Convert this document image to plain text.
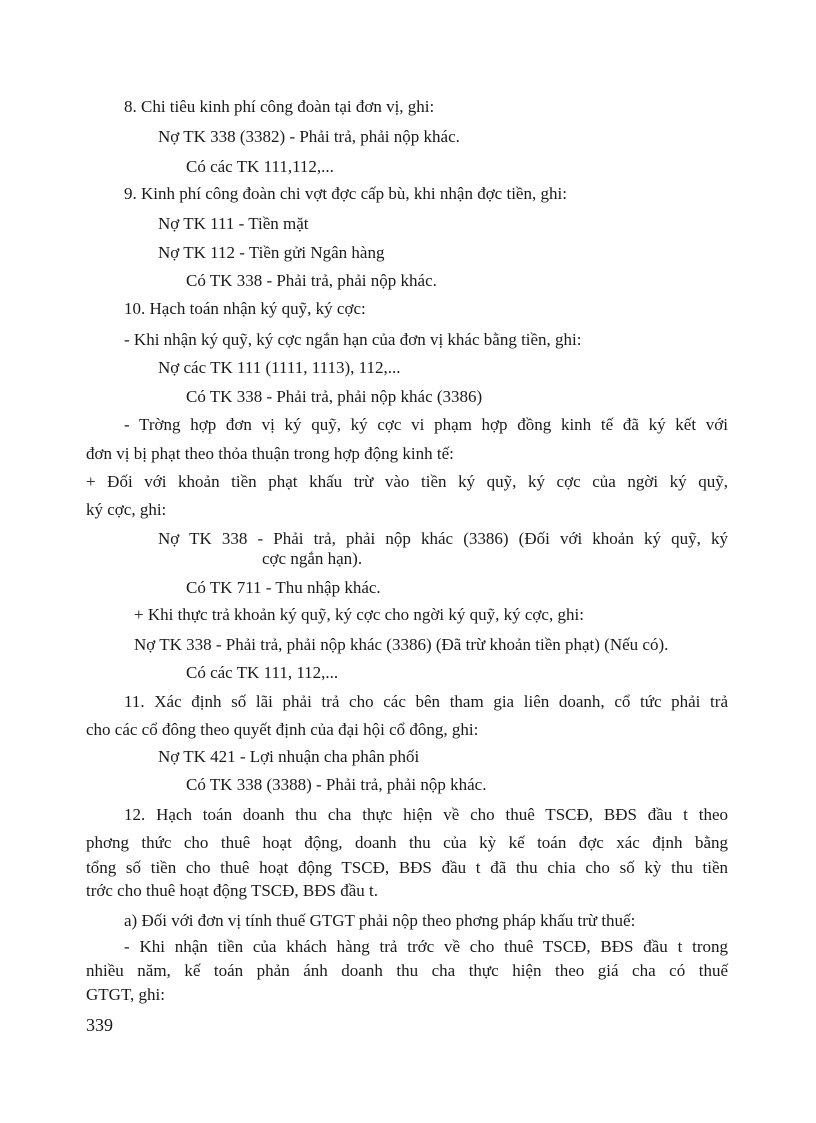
8. Chi tiêu kinh phí công đoàn tại đơn vị, ghi:

Nợ TK 338 (3382) - Phải trả, phải nộp khác.

Có các TK 111,112,...

9. Kinh phí công đoàn chi vợt đợc cấp bù, khi nhận đợc tiền, ghi:

Nợ TK 111 - Tiền mặt

Nợ TK 112 - Tiền gửi Ngân hàng

Có TK 338 - Phải trả, phải nộp khác.

10. Hạch toán nhận ký quỹ, ký cợc:

- Khi nhận ký quỹ, ký cợc ngắn hạn của đơn vị khác bằng tiền, ghi:

Nợ các TK 111 (1111, 1113), 112,...

Có TK 338 - Phải trả, phải nộp khác (3386)

- Trờng hợp đơn vị ký quỹ, ký cợc vi phạm hợp đồng kinh tế đã ký kết với

đơn vị bị phạt theo thỏa thuận trong hợp động kinh tế:

+ Đối với khoản tiền phạt khấu trừ vào tiền ký quỹ, ký cợc của ngời ký quỹ,

ký cợc, ghi:

Nợ TK 338 - Phải trả, phải nộp khác (3386) (Đối với khoản ký quỹ, ký

cợc ngắn hạn).

Có TK 711 - Thu nhập khác.

+ Khi thực trả khoản ký quỹ, ký cợc cho ngời ký quỹ, ký cợc, ghi:

Nợ TK 338 - Phải trả, phải nộp khác (3386) (Đã trừ khoản tiền phạt) (Nếu có).

Có các TK 111, 112,...

11. Xác định số lãi phải trả cho các bên tham gia liên doanh, cổ tức phải trả

cho các cổ đông theo quyết định của đại hội cổ đông, ghi:

Nợ TK 421 - Lợi nhuận cha phân phối

Có TK 338 (3388) - Phải trả, phải nộp khác.

12. Hạch toán doanh thu cha thực hiện về cho thuê TSCĐ, BĐS đầu t theo

phơng thức cho thuê hoạt động, doanh thu của kỳ kế toán đợc xác định bằng

tổng số tiền cho thuê hoạt động TSCĐ, BĐS đầu t đã thu chia cho số kỳ thu tiền

trớc cho thuê hoạt động TSCĐ, BĐS đầu t.

a) Đối với đơn vị tính thuế GTGT phải nộp theo phơng pháp khấu trừ thuế:

- Khi nhận tiền của khách hàng trả trớc về cho thuê TSCĐ, BĐS đầu t trong

nhiều năm, kế toán phản ánh doanh thu cha thực hiện theo giá cha có thuế

GTGT, ghi:

339
